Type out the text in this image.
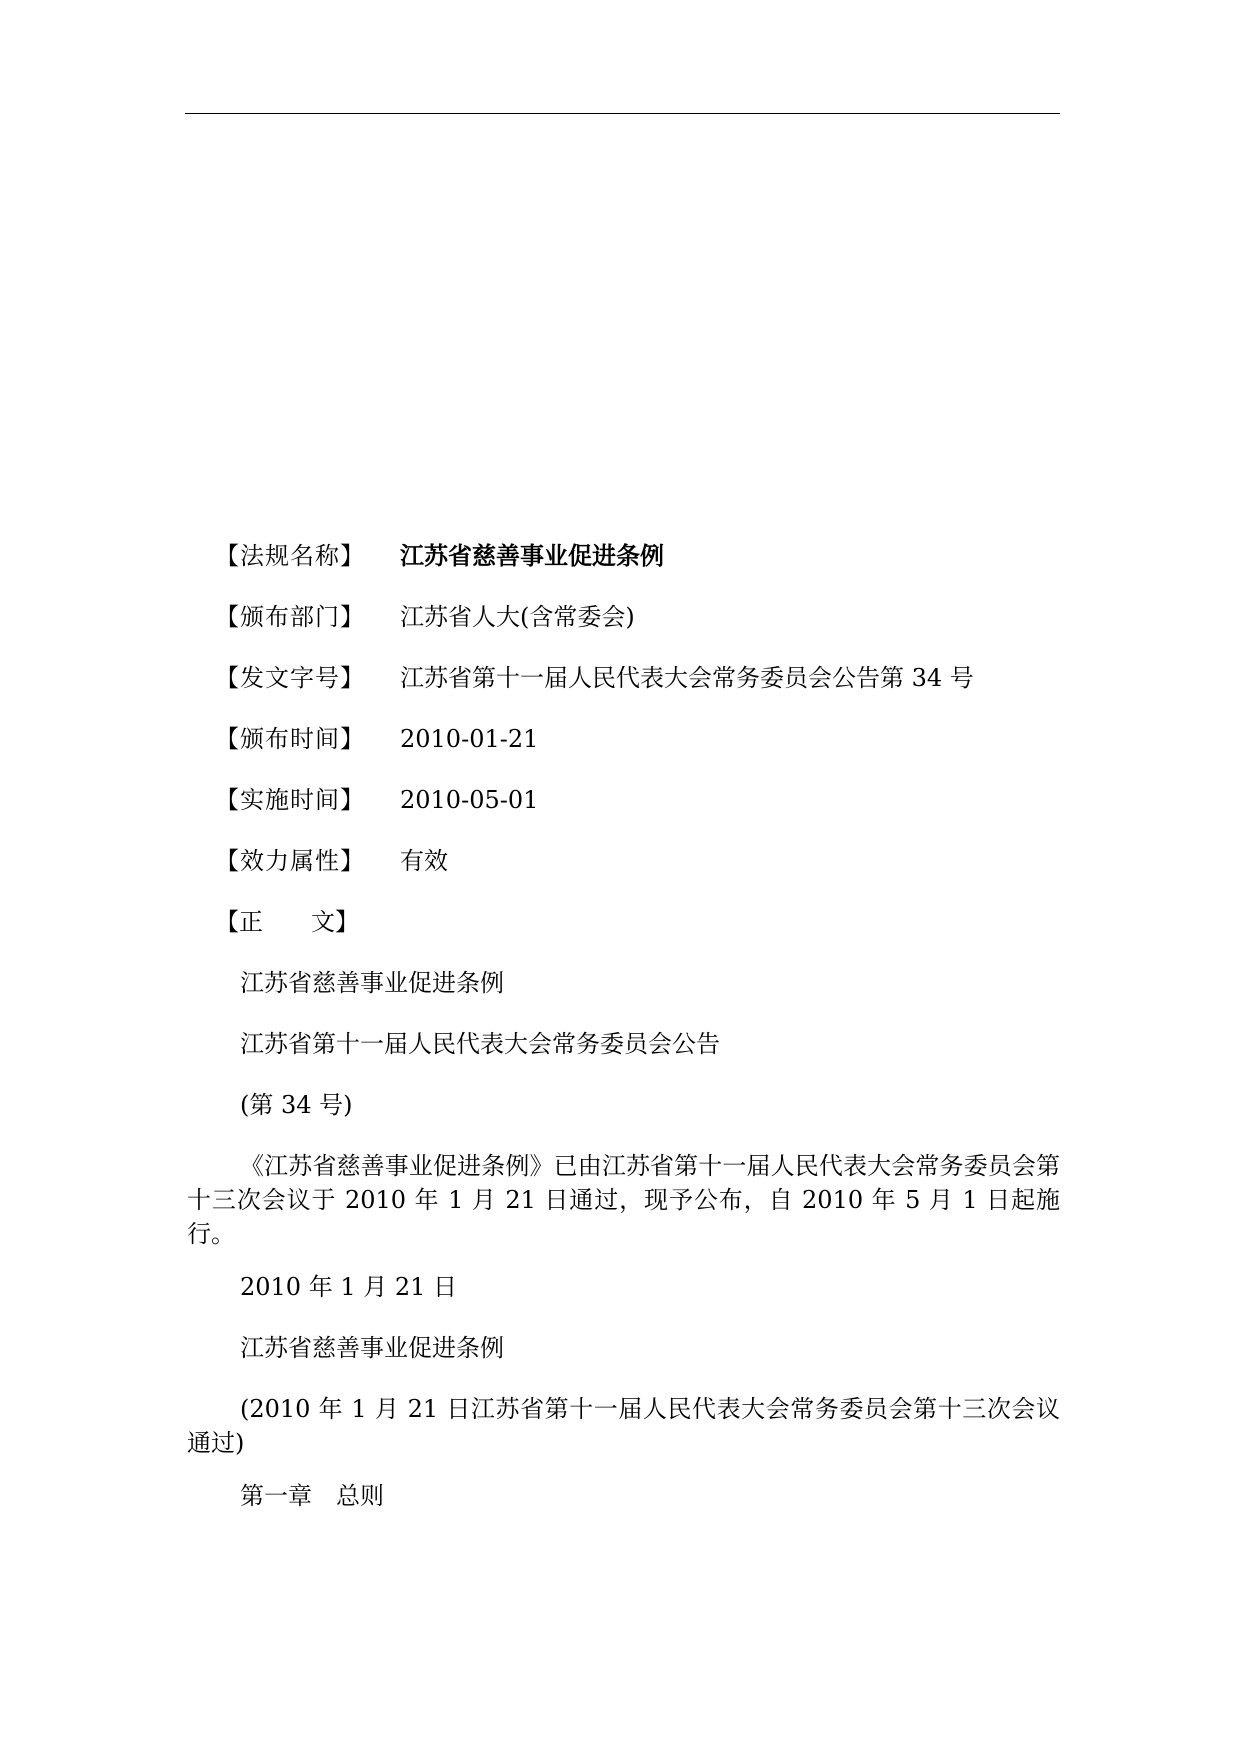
【法规名称】 江苏省慈善事业促进条例
【颁布部门】 江苏省人大(含常委会)
【发文字号】 江苏省第十一届人民代表大会常务委员会公告第 34 号
【颁布时间】 2010-01-21
【实施时间】 2010-05-01
【效力属性】 有效
【正　　文】
江苏省慈善事业促进条例
江苏省第十一届人民代表大会常务委员会公告
(第 34 号)
《江苏省慈善事业促进条例》已由江苏省第十一届人民代表大会常务委员会第十三次会议于 2010 年 1 月 21 日通过，现予公布，自 2010 年 5 月 1 日起施行。
2010 年 1 月 21 日
江苏省慈善事业促进条例
(2010 年 1 月 21 日江苏省第十一届人民代表大会常务委员会第十三次会议通过)
第一章　总则
